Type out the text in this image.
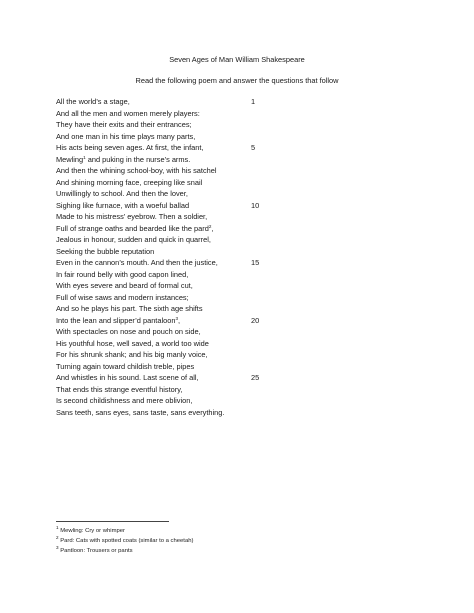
Seven Ages of Man William Shakespeare
Read the following poem and answer the questions that follow
All the world’s a stage,	1
And all the men and women merely players:
They have their exits and their entrances;
And one man in his time plays many parts,
His acts being seven ages. At first, the infant,	5
Mewling$^1$ and puking in the nurse’s arms.
And then the whining school-boy, with his satchel
And shining morning face, creeping like snail
Unwillingly to school. And then the lover,
Sighing like furnace, with a woeful ballad	10
Made to his mistress’ eyebrow. Then a soldier,
Full of strange oaths and bearded like the pard$^2$,
Jealous in honour, sudden and quick in quarrel,
Seeking the bubble reputation
Even in the cannon’s mouth. And then the justice,	15
In fair round belly with good capon lined,
With eyes severe and beard of formal cut,
Full of wise saws and modern instances;
And so he plays his part. The sixth age shifts
Into the lean and slipper’d pantaloon$^3$,	20
With spectacles on nose and pouch on side,
His youthful hose, well saved, a world too wide
For his shrunk shank; and his big manly voice,
Turning again toward childish treble, pipes
And whistles in his sound. Last scene of all,	25
That ends this strange eventful history,
Is second childishness and mere oblivion,
Sans teeth, sans eyes, sans taste, sans everything.
$^1$ Mewling: Cry or whimper
$^2$ Pard: Cats with spotted coats (similar to a cheetah)
$^3$ Pantloon: Trousers or pants
